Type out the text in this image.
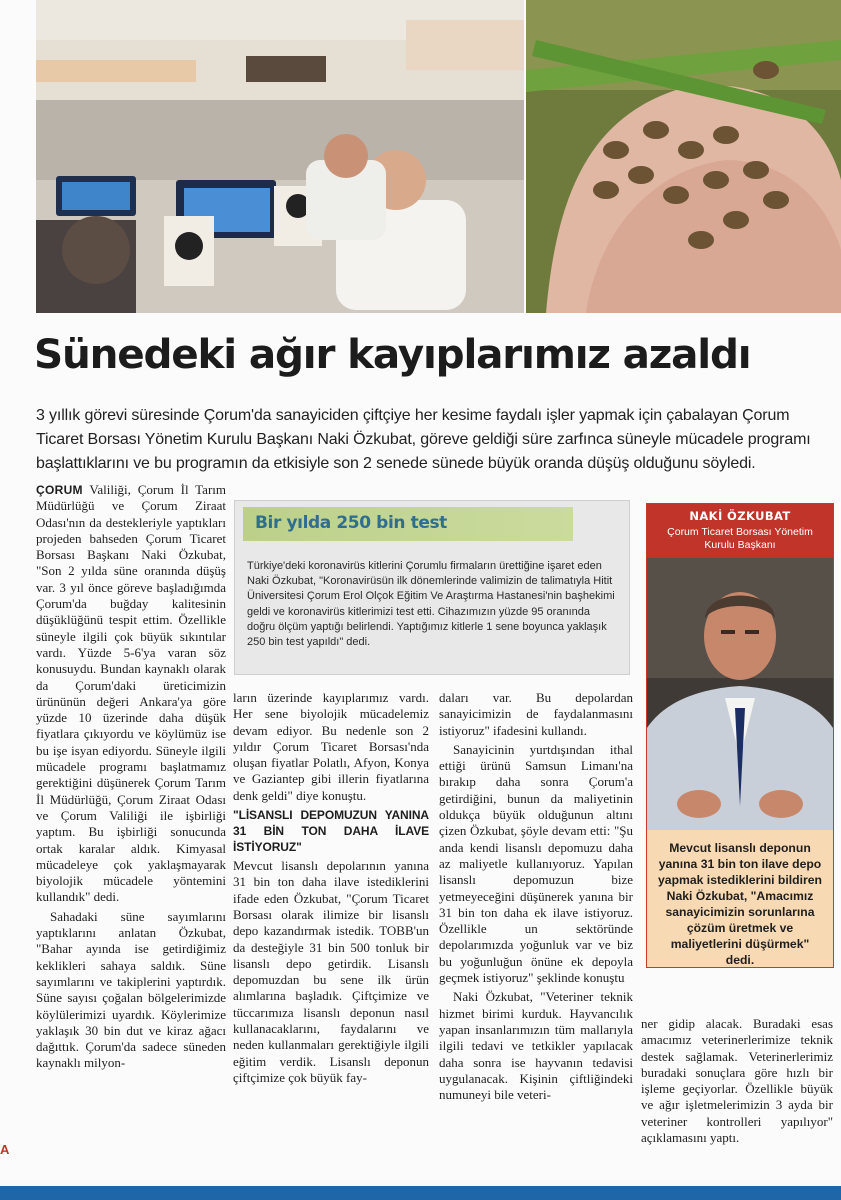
Sünedeki ağır kayıplarımız azaldı

3 yıllık görevi süresinde Çorum'da sanayiciden çiftçiye her kesime faydalı işler yapmak için çabalayan Çorum Ticaret Borsası Yönetim Kurulu Başkanı Naki Özkubat, göreve geldiği süre zarfınca süneyle mücadele programı başlattıklarını ve bu programın da etkisiyle son 2 senede sünede büyük oranda düşüş olduğunu söyledi.

ÇORUM Valiliği, Çorum İl Tarım Müdürlüğü ve Çorum Ziraat Odası'nın da destekleriyle yaptıkları projeden bahseden Çorum Ticaret Borsası Başkanı Naki Özkubat, "Son 2 yılda süne oranında düşüş var. 3 yıl önce göreve başladığımda Çorum'da buğday kalitesinin düşüklüğünü tespit ettim. Özellikle süneyle ilgili çok büyük sıkıntılar vardı. Yüzde 5-6'ya varan söz konusuydu. Bundan kaynaklı olarak da Çorum'daki üreticimizin ürününün değeri Ankara'ya göre yüzde 10 üzerinde daha düşük fiyatlara çıkıyordu ve köylümüz ise bu işe isyan ediyordu. Süneyle ilgili mücadele programı başlatmamız gerektiğini düşünerek Çorum Tarım İl Müdürlüğü, Çorum Ziraat Odası ve Çorum Valiliği ile işbirliği yaptım. Bu işbirliği sonucunda ortak karalar aldık. Kimyasal mücadeleye çok yaklaşmayarak biyolojik mücadele yöntemini kullandık" dedi.

Sahadaki süne sayımlarını yaptıklarını anlatan Özkubat, "Bahar ayında ise getirdiğimiz keklikleri sahaya saldık. Süne sayımlarını ve takiplerini yaptırdık. Süne sayısı çoğalan bölgelerimizde köylülerimizi uyardık. Köylerimize yaklaşık 30 bin dut ve kiraz ağacı dağıttık. Çorum'da sadece süneden kaynaklı milyon-

ların üzerinde kayıplarımız vardı. Her sene biyolojik mücadelemiz devam ediyor. Bu nedenle son 2 yıldır Çorum Ticaret Borsası'nda oluşan fiyatlar Polatlı, Afyon, Konya ve Gaziantep gibi illerin fiyatlarına denk geldi" diye konuştu.

"LİSANSLI DEPOMUZUN YANINA 31 BİN TON DAHA İLAVE İSTİYORUZ"

Mevcut lisanslı depolarının yanına 31 bin ton daha ilave istediklerini ifade eden Özkubat, "Çorum Ticaret Borsası olarak ilimize bir lisanslı depo kazandırmak istedik. TOBB'un da desteğiyle 31 bin 500 tonluk bir lisanslı depo getirdik. Lisanslı depomuzdan bu sene ilk ürün alımlarına başladık. Çiftçimize ve tüccarımıza lisanslı deponun nasıl kullanacaklarını, faydalarını ve neden kullanmaları gerektiğiyle ilgili eğitim verdik. Lisanslı deponun çiftçimize çok büyük fay-

daları var. Bu depolardan sanayicimizin de faydalanmasını istiyoruz" ifadesini kullandı.

Sanayicinin yurtdışından ithal ettiği ürünü Samsun Limanı'na bırakıp daha sonra Çorum'a getirdiğini, bunun da maliyetinin oldukça büyük olduğunun altını çizen Özkubat, şöyle devam etti: "Şu anda kendi lisanslı depomuzu daha az maliyetle kullanıyoruz. Yapılan lisanslı depomuzun bize yetmeyeceğini düşünerek yanına bir 31 bin ton daha ek ilave istiyoruz. Özellikle un sektöründe depolarımızda yoğunluk var ve biz bu yoğunluğun önüne ek depoyla geçmek istiyoruz" şeklinde konuştu

Naki Özkubat, "Veteriner teknik hizmet birimi kurduk. Hayvancılık yapan insanlarımızın tüm mallarıyla ilgili tedavi ve tetkikler yapılacak daha sonra ise hayvanın tedavisi uygulanacak. Kişinin çiftliğindeki numuneyi bile veteri-

ner gidip alacak. Buradaki esas amacımız veterinerlerimize teknik destek sağlamak. Veterinerlerimiz buradaki sonuçlara göre hızlı bir işleme geçiyorlar. Özellikle büyük ve ağır işletmelerimizin 3 ayda bir veteriner kontrolleri yapılıyor" açıklamasını yaptı.

Bir yılda 250 bin test

Türkiye'deki koronavirüs kitlerini Çorumlu firmaların ürettiğine işaret eden Naki Özkubat, "Koronavirüsün ilk dönemlerinde valimizin de talimatıyla Hitit Üniversitesi Çorum Erol Olçok Eğitim Ve Araştırma Hastanesi'nin başhekimi geldi ve koronavirüs kitlerimizi test etti. Cihazımızın yüzde 95 oranında doğru ölçüm yaptığı belirlendi. Yaptığımız kitlerle 1 sene boyunca yaklaşık 250 bin test yapıldı" dedi.

NAKİ ÖZKUBAT

Çorum Ticaret Borsası Yönetim Kurulu Başkanı

Mevcut lisanslı deponun yanına 31 bin ton ilave depo yapmak istediklerini bildiren Naki Özkubat, "Amacımız sanayicimizin sorunlarına çözüm üretmek ve maliyetlerini düşürmek" dedi.

A
